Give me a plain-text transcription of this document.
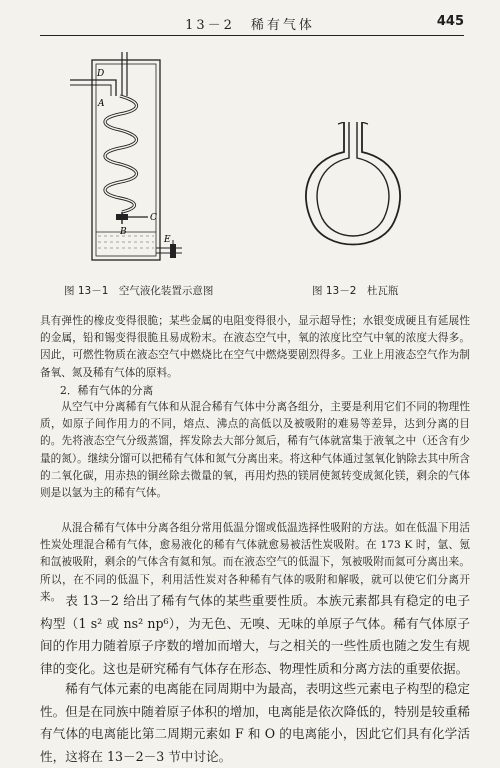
13－2　稀有气体	445
D
A
B
C
E
图 13－1　空气液化装置示意图	图 13－2　杜瓦瓶
具有弹性的橡皮变得很脆；某些金属的电阻变得很小，显示超导性；水银变成硬且有延展性的金属，铅和锡变得很脆且易成粉末。在液态空气中，氧的浓度比空气中氧的浓度大得多。因此，可燃性物质在液态空气中燃烧比在空气中燃烧要剧烈得多。工业上用液态空气作为制备氧、氮及稀有气体的原料。
2．稀有气体的分离
从空气中分离稀有气体和从混合稀有气体中分离各组分，主要是利用它们不同的物理性质，如原子间作用力的不同，熔点、沸点的高低以及被吸附的难易等差异，达到分离的目的。先将液态空气分级蒸馏，挥发除去大部分氮后，稀有气体就富集于液氧之中（还含有少量的氮）。继续分馏可以把稀有气体和氮气分离出来。将这种气体通过氢氧化钠除去其中所含的二氧化碳，用赤热的铜丝除去微量的氧，再用灼热的镁屑使氮转变成氮化镁，剩余的气体则是以氩为主的稀有气体。
从混合稀有气体中分离各组分常用低温分馏或低温选择性吸附的方法。如在低温下用活性炭处理混合稀有气体，愈易液化的稀有气体就愈易被活性炭吸附。在 173 K 时，氩、氪和氙被吸附，剩余的气体含有氦和氖。而在液态空气的低温下，氖被吸附而氦可分离出来。所以，在不同的低温下，利用活性炭对各种稀有气体的吸附和解吸，就可以使它们分离开来。 表 13－2 给出了稀有气体的某些重要性质。本族元素都具有稳定的电子构型（1 s² 或 ns² np⁶），为无色、无嗅、无味的单原子气体。稀有气体原子间的作用力随着原子序数的增加而增大，与之相关的一些性质也随之发生有规律的变化。这也是研究稀有气体存在形态、物理性质和分离方法的重要依据。
稀有气体元素的电离能在同周期中为最高，表明这些元素电子构型的稳定性。但是在同族中随着原子体积的增加，电离能是依次降低的，特别是较重稀有气体的电离能比第二周期元素如 F 和 O 的电离能小，因此它们具有化学活性，这将在 13－2－3 节中讨论。
